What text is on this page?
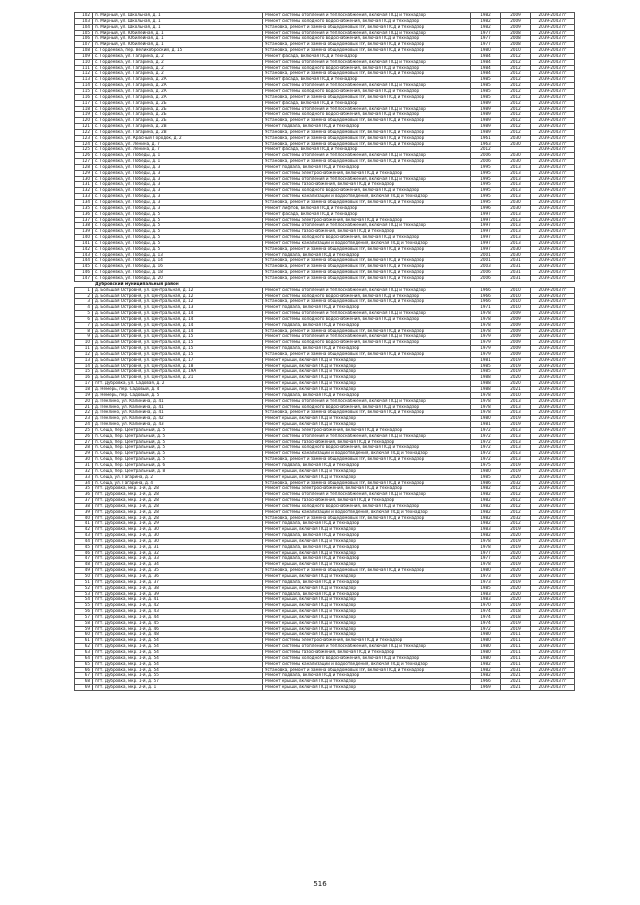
102	п. Мирный, ул. Школьная, д. 1	Ремонт системы отопления и теплоснабжения, включая ПСД и технадзор	1982	2009	2039-2043 гг
103	п. Мирный, ул. Школьная, д. 1	Ремонт системы холодного водоснабжения, включая ПСД и технадзор	1982	2009	2039-2043 гг
104	п. Мирный, ул. Школьная, д. 1	Установка, ремонт и замена общедомовых ПУ, включая ПСД и технадзор	1982	2009	2039-2043 гг
105	п. Мирный, ул. Юбилейная, д. 1	Ремонт системы отопления и теплоснабжения, включая ПСД и технадзор	1977	2008	2039-2043 гг
106	п. Мирный, ул. Юбилейная, д. 1	Ремонт системы холодного водоснабжения, включая ПСД и технадзор	1977	2008	2039-2043 гг
107	п. Мирный, ул. Юбилейная, д. 1	Установка, ремонт и замена общедомовых ПУ, включая ПСД и технадзор	1977	2008	2039-2043 гг
108	с. Гордеевка, пер. Великоброский, д. 15	Установка, ремонт и замена общедомовых ПУ, включая ПСД и технадзор	1980	2010	2039-2043 гг
109	с. Гордеевка, ул. Гагарина, д. 2	Ремонт фасада, включая ПСД и технадзор	1984	2012	2039-2043 гг
110	с. Гордеевка, ул. Гагарина, д. 2	Ремонт системы отопления и теплоснабжения, включая ПСД и технадзор	1984	2012	2039-2043 гг
111	с. Гордеевка, ул. Гагарина, д. 2	Ремонт системы холодного водоснабжения, включая ПСД и технадзор	1984	2012	2039-2043 гг
112	с. Гордеевка, ул. Гагарина, д. 2	Установка, ремонт и замена общедомовых ПУ, включая ПСД и технадзор	1984	2012	2039-2043 гг
113	с. Гордеевка, ул. Гагарина, д. 2А	Ремонт фасада, включая ПСД и технадзор	1985	2012	2039-2043 гг
114	с. Гордеевка, ул. Гагарина, д. 2А	Ремонт системы отопления и теплоснабжения, включая ПСД и технадзор	1985	2012	2039-2043 гг
115	с. Гордеевка, ул. Гагарина, д. 2А	Ремонт системы холодного водоснабжения, включая ПСД и технадзор	1985	2012	2039-2043 гг
116	с. Гордеевка, ул. Гагарина, д. 2А	Установка, ремонт и замена общедомовых ПУ, включая ПСД и технадзор	1985	2012	2039-2043 гг
117	с. Гордеевка, ул. Гагарина, д. 2Б	Ремонт фасада, включая ПСД и технадзор	1989	2012	2039-2043 гг
118	с. Гордеевка, ул. Гагарина, д. 2Б	Ремонт системы отопления и теплоснабжения, включая ПСД и технадзор	1989	2012	2039-2043 гг
119	с. Гордеевка, ул. Гагарина, д. 2Б	Ремонт системы холодного водоснабжения, включая ПСД и технадзор	1989	2012	2039-2043 гг
120	с. Гордеевка, ул. Гагарина, д. 2Б	Установка, ремонт и замена общедомовых ПУ, включая ПСД и технадзор	1989	2012	2039-2043 гг
121	с. Гордеевка, ул. Гагарина, д. 2В	Ремонт подвала, включая ПСД и технадзор	1989	2012	2039-2043 гг
122	с. Гордеевка, ул. Гагарина, д. 2В	Установка, ремонт и замена общедомовых ПУ, включая ПСД и технадзор	1989	2012	2039-2043 гг
123	с. Гордеевка, ул. Красный Городок, д. 2	Установка, ремонт и замена общедомовых ПУ, включая ПСД и технадзор	1961	2030	2039-2043 гг
124	с. Гордеевка, ул. Ленина, д. 7	Установка, ремонт и замена общедомовых ПУ, включая ПСД и технадзор	1963	2030	2039-2043 гг
125	с. Гордеевка, ул. Ленина, д. 7	Ремонт фасада, включая ПСД и технадзор	2012		2039-2043 гг
126	с. Гордеевка, ул. Победы, д. 1	Ремонт системы отопления и теплоснабжения, включая ПСД и технадзор	2006	2030	2039-2043 гг
127	с. Гордеевка, ул. Победы, д. 1	Установка, ремонт и замена общедомовых ПУ, включая ПСД и технадзор	2006	2030	2039-2043 гг
128	с. Гордеевка, ул. Победы, д. 3	Ремонт подвала, включая ПСД и технадзор	1995	2013	2039-2043 гг
129	с. Гордеевка, ул. Победы, д. 3	Ремонт системы электроснабжения, включая ПСД и технадзор	1995	2013	2039-2043 гг
130	с. Гордеевка, ул. Победы, д. 3	Ремонт системы отопления и теплоснабжения, включая ПСД и технадзор	1995	2013	2039-2043 гг
131	с. Гордеевка, ул. Победы, д. 3	Ремонт системы газоснабжения, включая ПСД и технадзор	1995	2013	2039-2043 гг
132	с. Гордеевка, ул. Победы, д. 3	Ремонт системы холодного водоснабжения, включая ПСД и технадзор	1995	2013	2039-2043 гг
133	с. Гордеевка, ул. Победы, д. 3	Ремонт системы канализации и водоотведения, включая ПСД и технадзор	1995	2013	2039-2043 гг
134	с. Гордеевка, ул. Победы, д. 3	Установка, ремонт и замена общедомовых ПУ, включая ПСД и технадзор	1995	2030	2039-2043 гг
135	с. Гордеевка, ул. Победы, д. 3	Ремонт лифтов, включая ПСД и технадзор	1996	2030	2039-2043 гг
136	с. Гордеевка, ул. Победы, д. 5	Ремонт фасада, включая ПСД и технадзор	1997	2013	2039-2043 гг
137	с. Гордеевка, ул. Победы, д. 5	Ремонт системы электроснабжения, включая ПСД и технадзор	1997	2013	2039-2043 гг
138	с. Гордеевка, ул. Победы, д. 5	Ремонт системы отопления и теплоснабжения, включая ПСД и технадзор	1997	2013	2039-2043 гг
139	с. Гордеевка, ул. Победы, д. 5	Ремонт системы газоснабжения, включая ПСД и технадзор	1997	2013	2039-2043 гг
140	с. Гордеевка, ул. Победы, д. 5	Ремонт системы холодного водоснабжения, включая ПСД и технадзор	1997	2013	2039-2043 гг
141	с. Гордеевка, ул. Победы, д. 5	Ремонт системы канализации и водоотведения, включая ПСД и технадзор	1997	2013	2039-2043 гг
142	с. Гордеевка, ул. Победы, д. 5	Установка, ремонт и замена общедомовых ПУ, включая ПСД и технадзор	1997	2030	2039-2043 гг
143	с. Гордеевка, ул. Победы, д. 13	Ремонт подвала, включая ПСД и технадзор	2001	2030	2039-2043 гг
144	с. Гордеевка, ул. Победы, д. 14	Установка, ремонт и замена общедомовых ПУ, включая ПСД и технадзор	2001	2031	2039-2043 гг
145	с. Гордеевка, ул. Победы, д. 16	Установка, ремонт и замена общедомовых ПУ, включая ПСД и технадзор	2003	2031	2039-2043 гг
146	с. Гордеевка, ул. Победы, д. 18	Установка, ремонт и замена общедомовых ПУ, включая ПСД и технадзор	2006	2031	2039-2043 гг
147	с. Гордеевка, ул. Победы, д. 20	Установка, ремонт и замена общедомовых ПУ, включая ПСД и технадзор	2006	2031	2039-2043 гг
	Дубровский муниципальный район				
1	д. Большая Островня, ул. Центральная, д. 12	Ремонт системы отопления и теплоснабжения, включая ПСД и технадзор	1966	2010	2039-2043 гг
2	д. Большая Островня, ул. Центральная, д. 12	Ремонт системы холодного водоснабжения, включая ПСД и технадзор	1966	2010	2039-2043 гг
3	д. Большая Островня, ул. Центральная, д. 12	Установка, ремонт и замена общедомовых ПУ, включая ПСД и технадзор	1966	2010	2039-2043 гг
4	д. Большая Островня, ул. Центральная, д. 13	Ремонт подвала, включая ПСД и технадзор	1971	2010	2039-2043 гг
5	д. Большая Островня, ул. Центральная, д. 14	Ремонт системы отопления и теплоснабжения, включая ПСД и технадзор	1978	2009	2039-2043 гг
6	д. Большая Островня, ул. Центральная, д. 14	Ремонт системы холодного водоснабжения, включая ПСД и технадзор	1978	2009	2039-2043 гг
7	д. Большая Островня, ул. Центральная, д. 14	Ремонт подвала, включая ПСД и технадзор	1978	2009	2039-2043 гг
8	д. Большая Островня, ул. Центральная, д. 14	Установка, ремонт и замена общедомовых ПУ, включая ПСД и технадзор	1978	2009	2039-2043 гг
9	д. Большая Островня, ул. Центральная, д. 15	Ремонт системы отопления и теплоснабжения, включая ПСД и технадзор	1979	2009	2039-2043 гг
10	д. Большая Островня, ул. Центральная, д. 15	Ремонт системы холодного водоснабжения, включая ПСД и технадзор	1979	2009	2039-2043 гг
11	д. Большая Островня, ул. Центральная, д. 15	Ремонт подвала, включая ПСД и технадзор	1979	2009	2039-2043 гг
12	д. Большая Островня, ул. Центральная, д. 15	Установка, ремонт и замена общедомовых ПУ, включая ПСД и технадзор	1979	2009	2039-2043 гг
13	д. Большая Островня, ул. Центральная, д. 17	Ремонт крыши, включая ПСД и технадзор	1981	2019	2039-2043 гг
14	д. Большая Островня, ул. Центральная, д. 18	Ремонт крыши, включая ПСД и технадзор	1985	2019	2039-2043 гг
15	д. Большая Островня, ул. Центральная, д. 19А	Ремонт крыши, включая ПСД и технадзор	1985	2019	2039-2043 гг
16	д. Большая Островня, ул. Центральная, д. 21	Ремонт крыши, включая ПСД и технадзор	1988	2020	2039-2043 гг
17	пгт. Дубровка, ул. Садовая, д. 2	Ремонт крыши, включая ПСД и технадзор	1988	2020	2039-2043 гг
18	д. Немерь, пер. Садовый, д. 4	Ремонт крыши, включая ПСД и технадзор	1988	2021	2039-2043 гг
19	д. Немерь, пер. Садовый, д. 5	Ремонт подвала, включая ПСД и технадзор	1978	2010	2039-2043 гг
20	д. Пеклино, ул. Калинина, д. 41	Ремонт системы отопления и теплоснабжения, включая ПСД и технадзор	1978	2013	2039-2043 гг
21	д. Пеклино, ул. Калинина, д. 41	Ремонт системы холодного водоснабжения, включая ПСД и технадзор	1978	2013	2039-2043 гг
22	д. Пеклино, ул. Калинина, д. 41	Установка, ремонт и замена общедомовых ПУ, включая ПСД и технадзор	1978	2013	2039-2043 гг
23	д. Пеклино, ул. Калинина, д. 42	Ремонт крыши, включая ПСД и технадзор	1980	2019	2039-2043 гг
24	д. Пеклино, ул. Калинина, д. 43	Ремонт крыши, включая ПСД и технадзор	1981	2019	2039-2043 гг
25	п. Сеща, пер. Центральный, д. 5	Ремонт системы электроснабжения, включая ПСД и технадзор	1972	2013	2039-2043 гг
26	п. Сеща, пер. Центральный, д. 5	Ремонт системы отопления и теплоснабжения, включая ПСД и технадзор	1972	2013	2039-2043 гг
27	п. Сеща, пер. Центральный, д. 5	Ремонт системы газоснабжения, включая ПСД и технадзор	1972	2013	2039-2043 гг
28	п. Сеща, пер. Центральный, д. 5	Ремонт системы холодного водоснабжения, включая ПСД и технадзор	1972	2013	2039-2043 гг
29	п. Сеща, пер. Центральный, д. 5	Ремонт системы канализации и водоотведения, включая ПСД и технадзор	1972	2013	2039-2043 гг
30	п. Сеща, пер. Центральный, д. 5	Установка, ремонт и замена общедомовых ПУ, включая ПСД и технадзор	1972	2013	2039-2043 гг
31	п. Сеща, пер. Центральный, д. 6	Ремонт подвала, включая ПСД и технадзор	1975	2019	2039-2043 гг
32	п. Сеща, пер. Центральный, д. 8	Ремонт крыши, включая ПСД и технадзор	1980	2019	2039-2043 гг
33	п. Сеща, ул. Гагарина, д. 2	Ремонт крыши, включая ПСД и технадзор	1985	2020	2039-2043 гг
34	п. Сеща, ул. Гагарина, д. 4	Установка, ремонт и замена общедомовых ПУ, включая ПСД и технадзор	1986	2032	2039-2043 гг
35	пгт. Дубровка, мкр. 1-й, д. 28	Ремонт системы электроснабжения, включая ПСД и технадзор	1982	2012	2039-2043 гг
36	пгт. Дубровка, мкр. 1-й, д. 28	Ремонт системы отопления и теплоснабжения, включая ПСД и технадзор	1982	2012	2039-2043 гг
37	пгт. Дубровка, мкр. 1-й, д. 28	Ремонт системы газоснабжения, включая ПСД и технадзор	1982	2012	2039-2043 гг
38	пгт. Дубровка, мкр. 1-й, д. 28	Ремонт системы холодного водоснабжения, включая ПСД и технадзор	1982	2012	2039-2043 гг
39	пгт. Дубровка, мкр. 1-й, д. 28	Ремонт системы канализации и водоотведения, включая ПСД и технадзор	1982	2012	2039-2043 гг
40	пгт. Дубровка, мкр. 1-й, д. 28	Установка, ремонт и замена общедомовых ПУ, включая ПСД и технадзор	1982	2032	2039-2043 гг
41	пгт. Дубровка, мкр. 1-й, д. 29	Ремонт подвала, включая ПСД и технадзор	1982	2012	2039-2043 гг
42	пгт. Дубровка, мкр. 1-й, д. 30	Ремонт крыши, включая ПСД и технадзор	1983	2019	2039-2043 гг
43	пгт. Дубровка, мкр. 1-й, д. 30	Ремонт подвала, включая ПСД и технадзор	1982	2020	2039-2043 гг
44	пгт. Дубровка, мкр. 1-й, д. 30	Ремонт крыши, включая ПСД и технадзор	1978	2019	2039-2043 гг
45	пгт. Дубровка, мкр. 1-й, д. 31	Ремонт подвала, включая ПСД и технадзор	1978	2019	2039-2043 гг
46	пгт. Дубровка, мкр. 1-й, д. 32	Ремонт крыши, включая ПСД и технадзор	1977	2020	2039-2043 гг
47	пгт. Дубровка, мкр. 1-й, д. 33	Ремонт подвала, включая ПСД и технадзор	1977	2020	2039-2043 гг
48	пгт. Дубровка, мкр. 1-й, д. 34	Ремонт крыши, включая ПСД и технадзор	1978	2019	2039-2043 гг
49	пгт. Дубровка, мкр. 1-й, д. 35	Установка, ремонт и замена общедомовых ПУ, включая ПСД и технадзор	1980	2020	2039-2043 гг
50	пгт. Дубровка, мкр. 1-й, д. 36	Ремонт крыши, включая ПСД и технадзор	1973	2019	2039-2043 гг
51	пгт. Дубровка, мкр. 1-й, д. 37	Ремонт подвала, включая ПСД и технадзор	1973	2019	2039-2043 гг
52	пгт. Дубровка, мкр. 1-й, д. 38	Ремонт крыши, включая ПСД и технадзор	1985	2020	2039-2043 гг
53	пгт. Дубровка, мкр. 1-й, д. 39	Ремонт подвала, включая ПСД и технадзор	1983	2020	2039-2043 гг
54	пгт. Дубровка, мкр. 1-й, д. 41	Ремонт крыши, включая ПСД и технадзор	1983	2020	2039-2043 гг
55	пгт. Дубровка, мкр. 1-й, д. 42	Ремонт крыши, включая ПСД и технадзор	1970	2019	2039-2043 гг
56	пгт. Дубровка, мкр. 1-й, д. 43	Ремонт крыши, включая ПСД и технадзор	1974	2018	2039-2043 гг
57	пгт. Дубровка, мкр. 1-й, д. 44	Ремонт крыши, включая ПСД и технадзор	1974	2018	2039-2043 гг
58	пгт. Дубровка, мкр. 1-й, д. 45	Ремонт крыши, включая ПСД и технадзор	1974	2019	2039-2043 гг
59	пгт. Дубровка, мкр. 1-й, д. 46	Ремонт крыши, включая ПСД и технадзор	1972	2019	2039-2043 гг
60	пгт. Дубровка, мкр. 1-й, д. 48	Ремонт крыши, включая ПСД и технадзор	1980	2011	2039-2043 гг
61	пгт. Дубровка, мкр. 1-й, д. 54	Ремонт системы электроснабжения, включая ПСД и технадзор	1980	2011	2039-2043 гг
62	пгт. Дубровка, мкр. 1-й, д. 54	Ремонт системы отопления и теплоснабжения, включая ПСД и технадзор	1980	2011	2039-2043 гг
63	пгт. Дубровка, мкр. 1-й, д. 54	Ремонт системы газоснабжения, включая ПСД и технадзор	1980	2011	2039-2043 гг
64	пгт. Дубровка, мкр. 1-й, д. 54	Ремонт системы холодного водоснабжения, включая ПСД и технадзор	1980	2011	2039-2043 гг
65	пгт. Дубровка, мкр. 1-й, д. 54	Ремонт системы канализации и водоотведения, включая ПСД и технадзор	1982	2011	2039-2043 гг
66	пгт. Дубровка, мкр. 1-й, д. 54	Установка, ремонт и замена общедомовых ПУ, включая ПСД и технадзор	1982	2031	2039-2043 гг
67	пгт. Дубровка, мкр. 1-й, д. 55	Ремонт подвала, включая ПСД и технадзор	1982	2021	2039-2043 гг
68	пгт. Дубровка, мкр. 1-й, д. 57	Ремонт крыши, включая ПСД и технадзор	1966	2021	2039-2043 гг
69	пгт. Дубровка, мкр. 2-й, д. 1	Ремонт крыши, включая ПСД и технадзор	1969	2021	2039-2043 гг
516
